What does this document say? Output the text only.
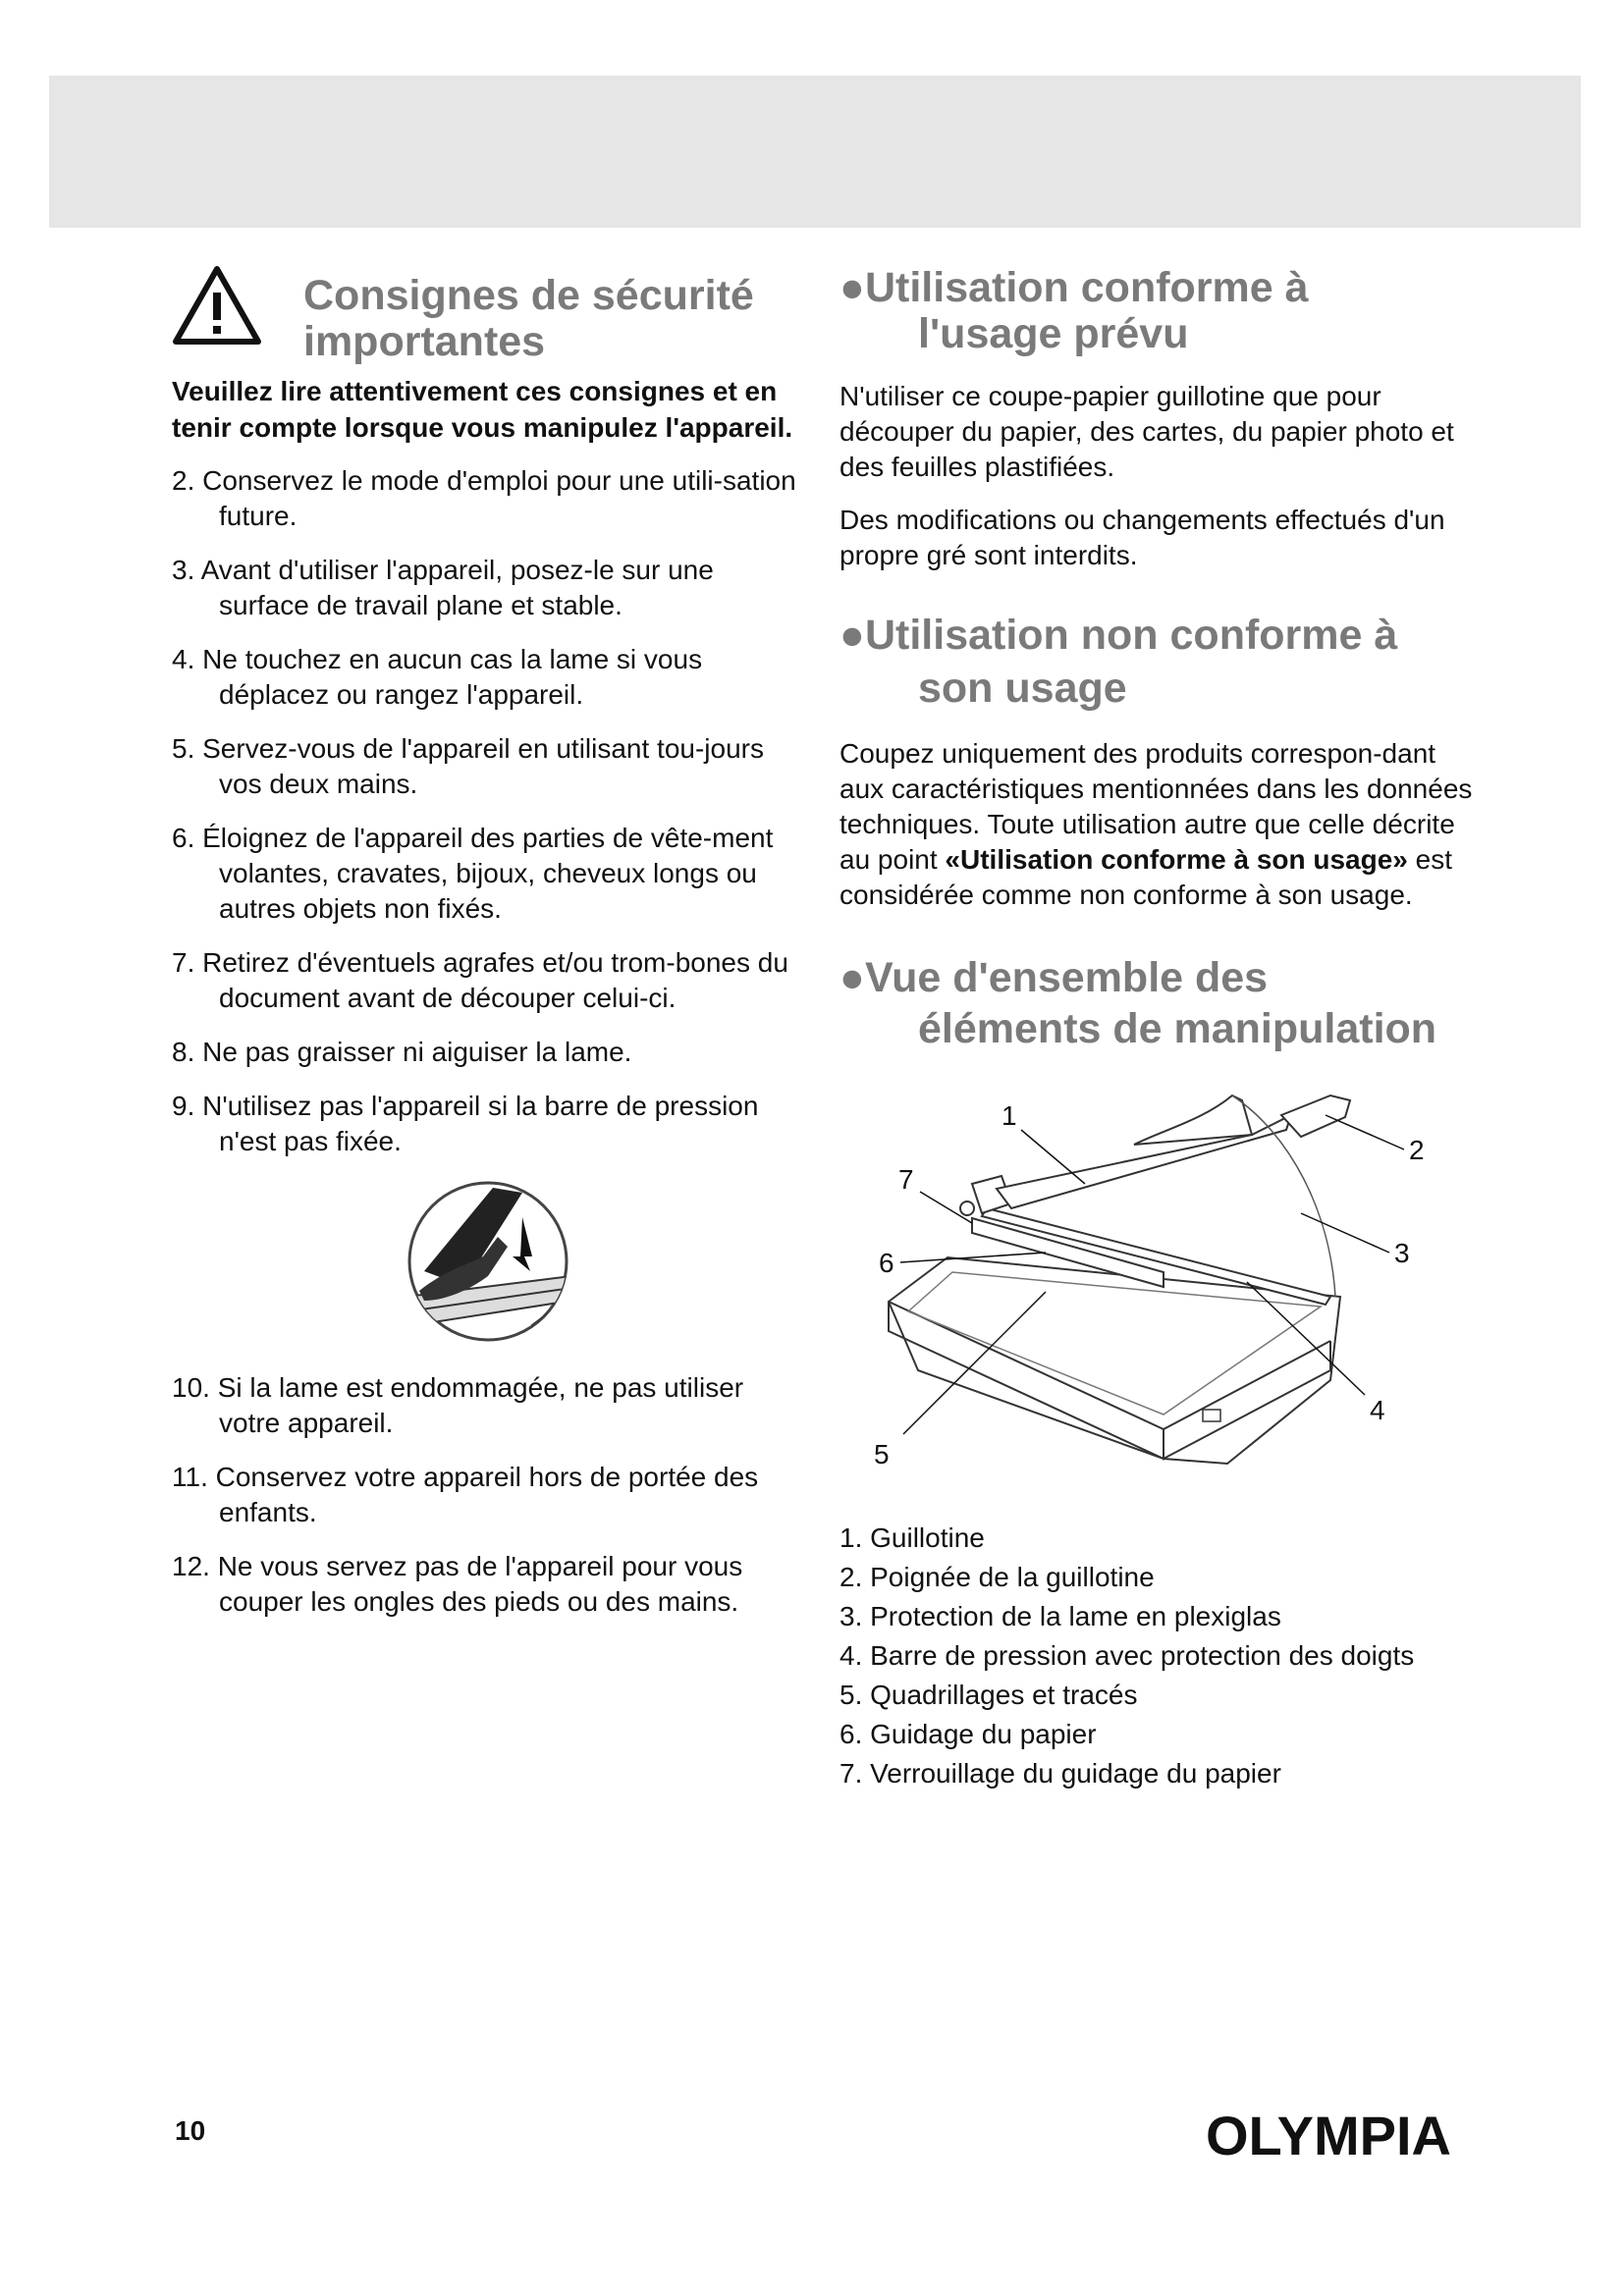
Consignes de sécurité
importantes

Veuillez lire attentivement ces consignes et en tenir compte lorsque vous manipulez l'appareil.

2. Conservez le mode d'emploi pour une utili-sation future.
3. Avant d'utiliser l'appareil, posez-le sur une surface de travail plane et stable.
4. Ne touchez en aucun cas la lame si vous déplacez ou rangez l'appareil.
5. Servez-vous de l'appareil en utilisant tou-jours vos deux mains.
6. Éloignez de l'appareil des parties de vête-ment volantes, cravates, bijoux, cheveux longs ou autres objets non fixés.
7. Retirez d'éventuels agrafes et/ou trom-bones du document avant de découper celui-ci.
8. Ne pas graisser ni aiguiser la lame.
9. N'utilisez pas l'appareil si la barre de pression n'est pas fixée.
10. Si la lame est endommagée, ne pas utiliser votre appareil.
11. Conservez votre appareil hors de portée des enfants.
12. Ne vous servez pas de l'appareil pour vous couper les ongles des pieds ou des mains.
●Utilisation conforme à
l'usage prévu

N'utiliser ce coupe-papier guillotine que pour découper du papier, des cartes, du papier photo et des feuilles plastifiées.

Des modifications ou changements effectués d'un propre gré sont interdits.

●Utilisation non conforme à
son usage

Coupez uniquement des produits correspon-dant aux caractéristiques mentionnées dans les données techniques. Toute utilisation autre que celle décrite au point «Utilisation conforme à son usage» est considérée comme non conforme à son usage.

●Vue d'ensemble des
éléments de manipulation
1
2
3
4
5
6
7
1. Guillotine
2. Poignée de la guillotine
3. Protection de la lame en plexiglas
4. Barre de pression avec protection des doigts
5. Quadrillages et tracés
6. Guidage du papier
7. Verrouillage du guidage du papier
10	OLYMPIA
